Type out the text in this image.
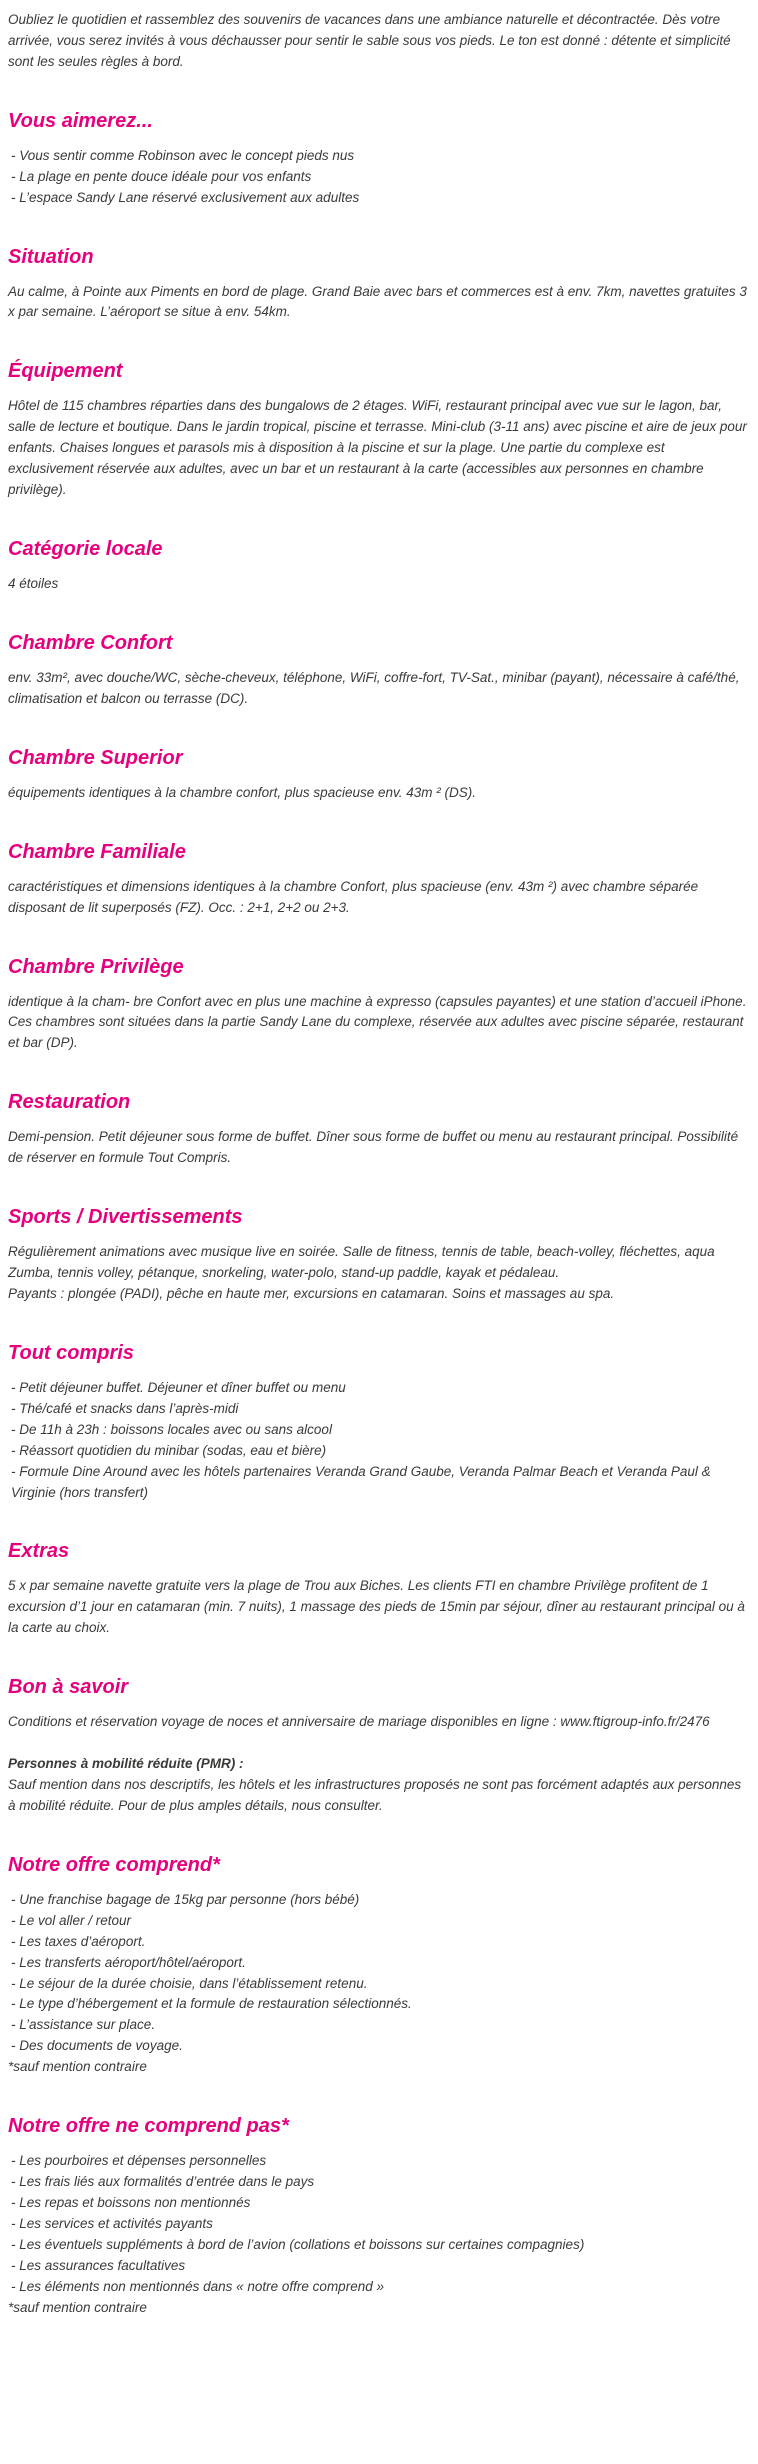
Oubliez le quotidien et rassemblez des souvenirs de vacances dans une ambiance naturelle et décontractée. Dès votre arrivée, vous serez invités à vous déchausser pour sentir le sable sous vos pieds. Le ton est donné : détente et simplicité sont les seules règles à bord.

Vous aimerez...

- Vous sentir comme Robinson avec le concept pieds nus

- La plage en pente douce idéale pour vos enfants

- L’espace Sandy Lane réservé exclusivement aux adultes

Situation

Au calme, à Pointe aux Piments en bord de plage. Grand Baie avec bars et commerces est à env. 7km, navettes gratuites 3 x par semaine. L’aéroport se situe à env. 54km.

Équipement

Hôtel de 115 chambres réparties dans des bungalows de 2 étages. WiFi, restaurant principal avec vue sur le lagon, bar, salle de lecture et boutique. Dans le jardin tropical, piscine et terrasse. Mini-club (3-11 ans) avec piscine et aire de jeux pour enfants. Chaises longues et parasols mis à disposition à la piscine et sur la plage. Une partie du complexe est exclusivement réservée aux adultes, avec un bar et un restaurant à la carte (accessibles aux personnes en chambre privilège).

Catégorie locale

4 étoiles

Chambre Confort

env. 33m², avec douche/WC, sèche-cheveux, téléphone, WiFi, coffre-fort, TV-Sat., minibar (payant), nécessaire à café/thé, climatisation et balcon ou terrasse (DC).

Chambre Superior

équipements identiques à la chambre confort, plus spacieuse env. 43m ² (DS).

Chambre Familiale

caractéristiques et dimensions identiques à la chambre Confort, plus spacieuse (env. 43m ²) avec chambre séparée disposant de lit superposés (FZ). Occ. : 2+1, 2+2 ou 2+3.

Chambre Privilège

identique à la cham- bre Confort avec en plus une machine à expresso (capsules payantes) et une station d’accueil iPhone. Ces chambres sont situées dans la partie Sandy Lane du complexe, réservée aux adultes avec piscine séparée, restaurant et bar (DP).

Restauration

Demi-pension. Petit déjeuner sous forme de buffet. Dîner sous forme de buffet ou menu au restaurant principal. Possibilité de réserver en formule Tout Compris.

Sports / Divertissements

Régulièrement animations avec musique live en soirée. Salle de fitness, tennis de table, beach-volley, fléchettes, aqua Zumba, tennis volley, pétanque, snorkeling, water-polo, stand-up paddle, kayak et pédaleau.

Payants : plongée (PADI), pêche en haute mer, excursions en catamaran. Soins et massages au spa.

Tout compris

- Petit déjeuner buffet. Déjeuner et dîner buffet ou menu

- Thé/café et snacks dans l’après-midi

- De 11h à 23h : boissons locales avec ou sans alcool

- Réassort quotidien du minibar (sodas, eau et bière)

- Formule Dine Around avec les hôtels partenaires Veranda Grand Gaube, Veranda Palmar Beach et Veranda Paul & Virginie (hors transfert)

Extras

5 x par semaine navette gratuite vers la plage de Trou aux Biches. Les clients FTI en chambre Privilège profitent de 1 excursion d’1 jour en catamaran (min. 7 nuits), 1 massage des pieds de 15min par séjour, dîner au restaurant principal ou à la carte au choix.

Bon à savoir

Conditions et réservation voyage de noces et anniversaire de mariage disponibles en ligne : www.ftigroup-info.fr/2476

Personnes à mobilité réduite (PMR) :

Sauf mention dans nos descriptifs, les hôtels et les infrastructures proposés ne sont pas forcément adaptés aux personnes à mobilité réduite. Pour de plus amples détails, nous consulter.

Notre offre comprend*

- Une franchise bagage de 15kg par personne (hors bébé)

- Le vol aller / retour

- Les taxes d’aéroport.

- Les transferts aéroport/hôtel/aéroport.

- Le séjour de la durée choisie, dans l’établissement retenu.

- Le type d’hébergement et la formule de restauration sélectionnés.

- L’assistance sur place.

- Des documents de voyage.

*sauf mention contraire

Notre offre ne comprend pas*

- Les pourboires et dépenses personnelles

- Les frais liés aux formalités d’entrée dans le pays

- Les repas et boissons non mentionnés

- Les services et activités payants

- Les éventuels suppléments à bord de l’avion (collations et boissons sur certaines compagnies)

- Les assurances facultatives

- Les éléments non mentionnés dans « notre offre comprend »

*sauf mention contraire
